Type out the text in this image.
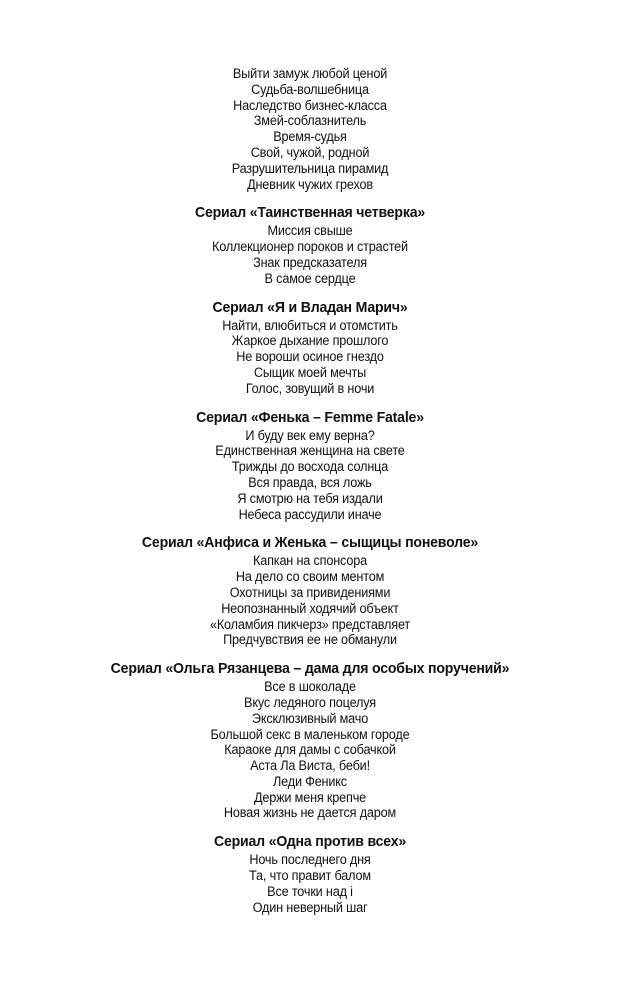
Выйти замуж любой ценой

Судьба-волшебница

Наследство бизнес-класса

Змей-соблазнитель

Время-судья

Свой, чужой, родной

Разрушительница пирамид

Дневник чужих грехов

Сериал «Таинственная четверка»

Миссия свыше

Коллекционер пороков и страстей

Знак предсказателя

В самое сердце

Сериал «Я и Владан Марич»

Найти, влюбиться и отомстить

Жаркое дыхание прошлого

Не вороши осиное гнездо

Сыщик моей мечты

Голос, зовущий в ночи

Сериал «Фенька – Femme Fatale»

И буду век ему верна?

Единственная женщина на свете

Трижды до восхода солнца

Вся правда, вся ложь

Я смотрю на тебя издали

Небеса рассудили иначе

Сериал «Анфиса и Женька – сыщицы поневоле»

Капкан на спонсора

На дело со своим ментом

Охотницы за привидениями

Неопознанный ходячий объект

«Коламбия пикчерз» представляет

Предчувствия ее не обманули

Сериал «Ольга Рязанцева – дама для особых поручений»

Все в шоколаде

Вкус ледяного поцелуя

Эксклюзивный мачо

Большой секс в маленьком городе

Караоке для дамы с собачкой

Аста Ла Виста, беби!

Леди Феникс

Держи меня крепче

Новая жизнь не дается даром

Сериал «Одна против всех»

Ночь последнего дня

Та, что правит балом

Все точки над i

Один неверный шаг
